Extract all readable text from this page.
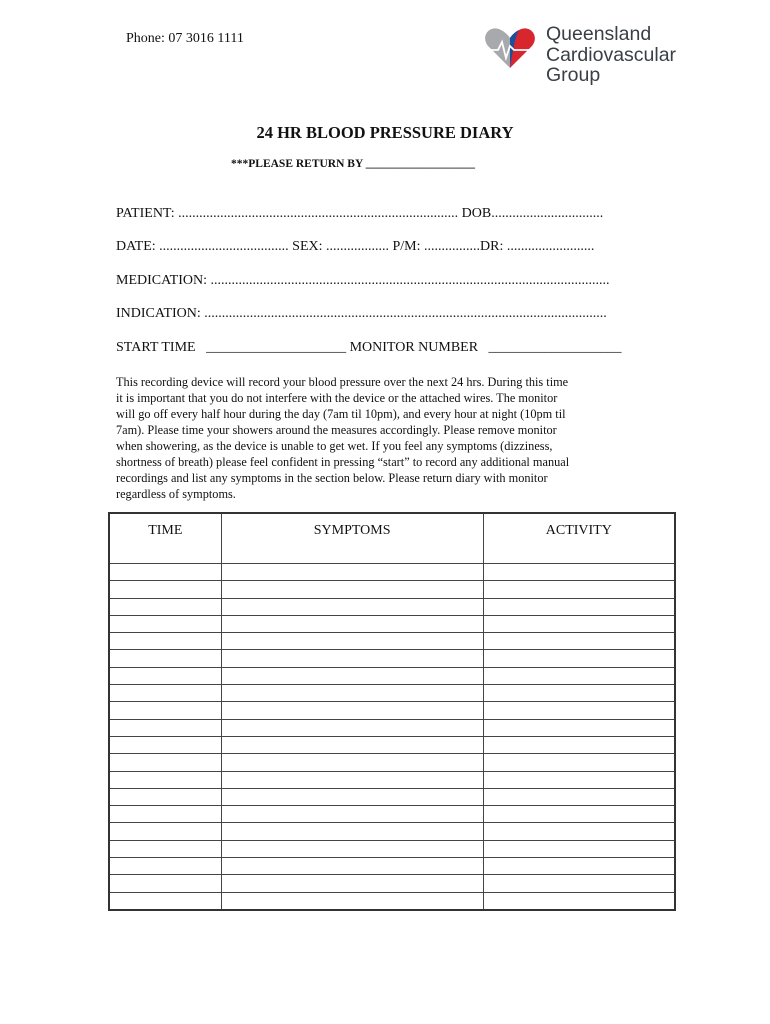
Phone: 07 3016 1111	Queensland
Cardiovascular
Group
24 HR BLOOD PRESSURE DIARY
***PLEASE RETURN BY ___________________
PATIENT: ................................................................................ DOB................................
DATE: ..................................... SEX: .................. P/M: ................DR: .........................
MEDICATION: ..................................................................................................................
INDICATION: ...................................................................................................................
START TIME   ____________________ MONITOR NUMBER   ___________________

This recording device will record your blood pressure over the next 24 hrs. During this time

it is important that you do not interfere with the device or the attached wires. The monitor

will go off every half hour during the day (7am til 10pm), and every hour at night (10pm til

7am). Please time your showers around the measures accordingly. Please remove monitor

when showering, as the device is unable to get wet. If you feel any symptoms (dizziness,

shortness of breath) please feel confident in pressing “start” to record any additional manual

recordings and list any symptoms in the section below. Please return diary with monitor

regardless of symptoms.

TIME	SYMPTOMS	ACTIVITY
